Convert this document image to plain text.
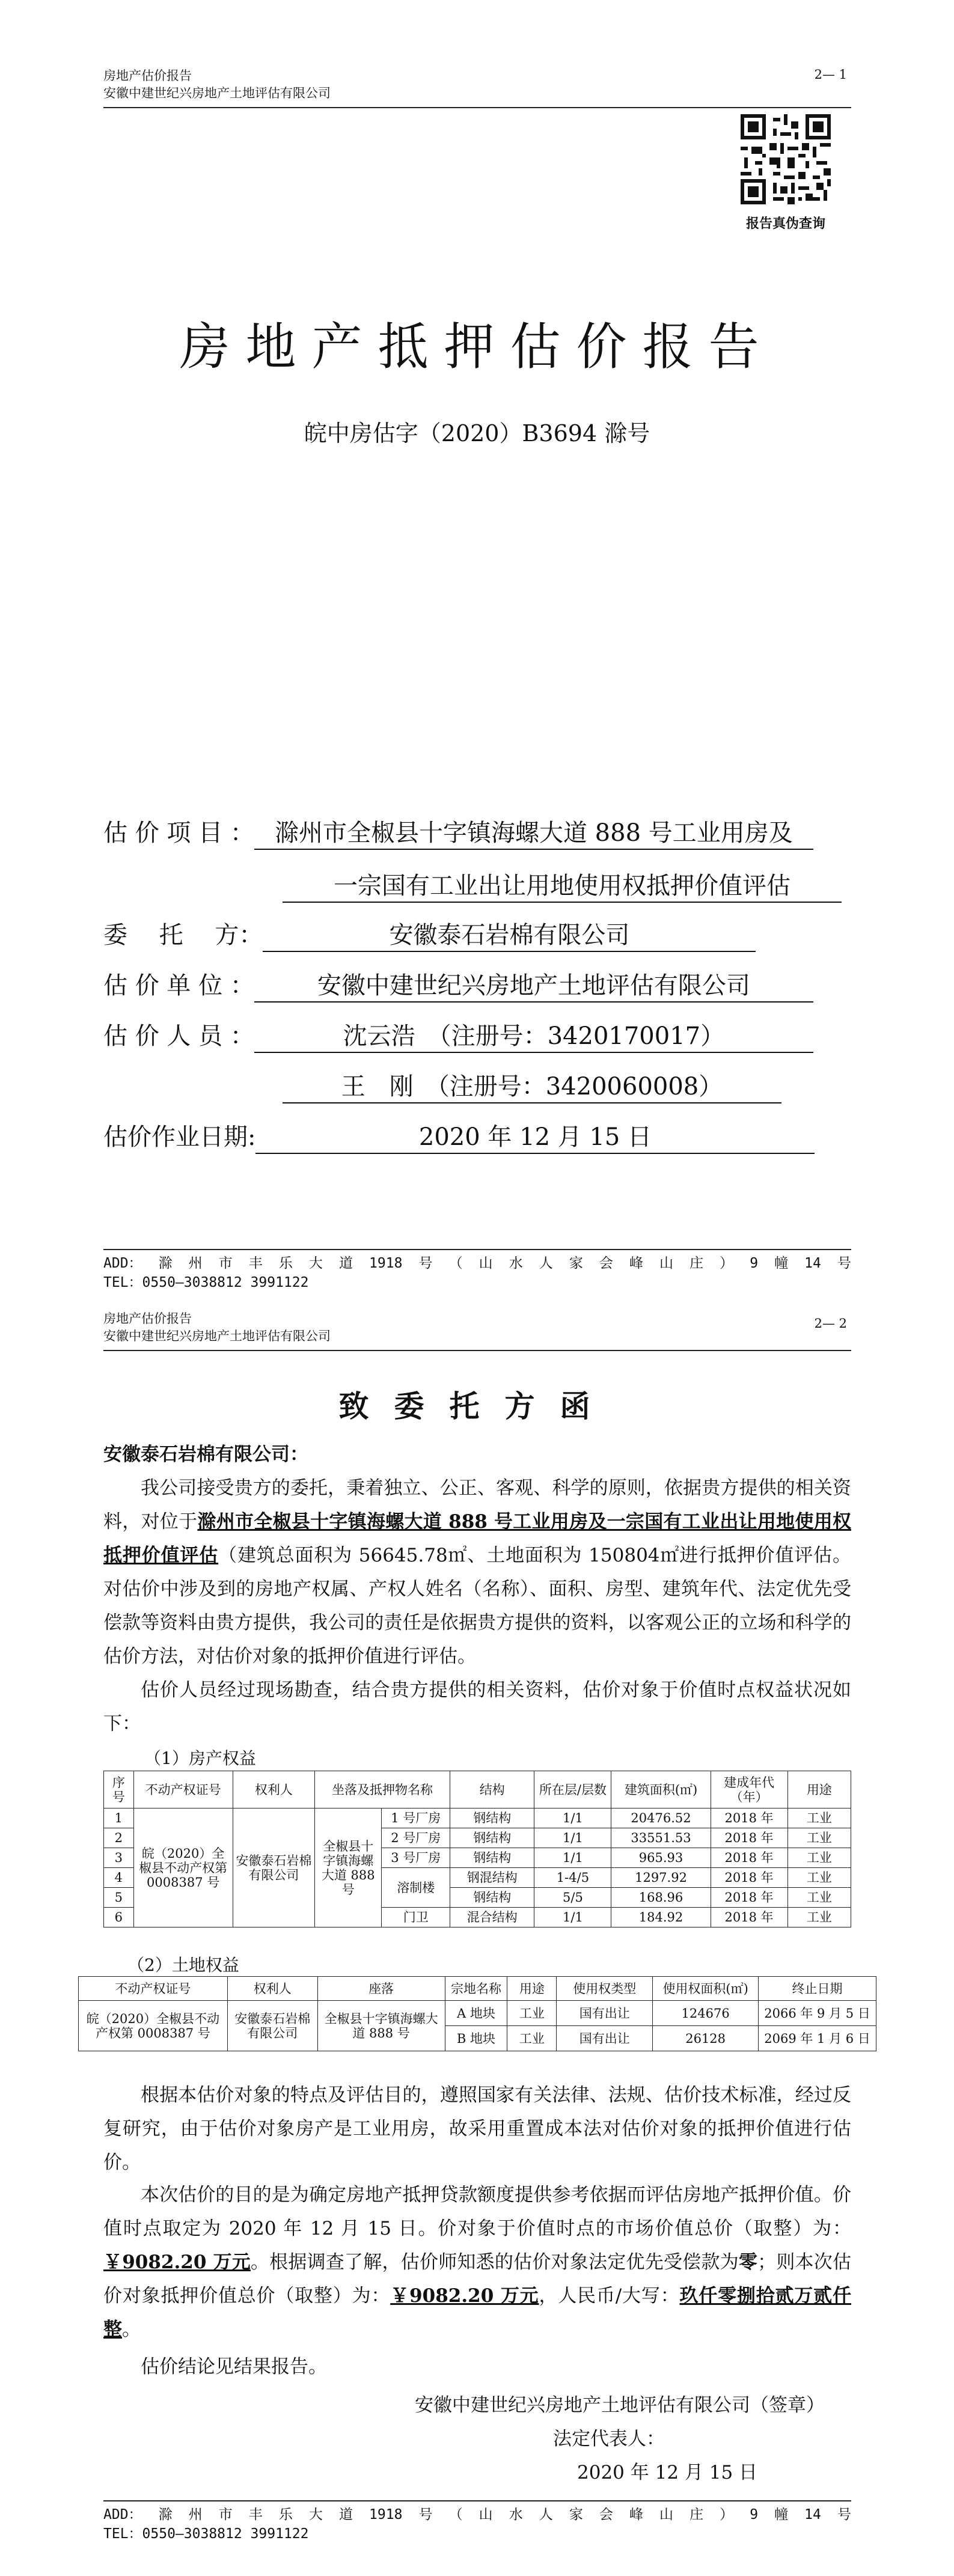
房地产估价报告
安徽中建世纪兴房地产土地评估有限公司
2— 1
报告真伪查询
房地产抵押估价报告
皖中房估字（2020）B3694 滁号
估 价 项 目 ： 滁州市全椒县十字镇海螺大道 888 号工业用房及
一宗国有工业出让用地使用权抵押价值评估
委　 托　 方：	安徽泰石岩棉有限公司
估 价 单 位 ：	安徽中建世纪兴房地产土地评估有限公司
估 价 人 员 ：	沈云浩　（注册号：3420170017）
王　刚　（注册号：3420060008）
估价作业日期:	2020 年 12 月 15 日
ADD： 滁 州 市 丰 乐 大 道 1918 号 （ 山 水 人 家 会 峰 山 庄 ） 9 幢 14 号
TEL：0550—3038812 3991122
房地产估价报告
安徽中建世纪兴房地产土地评估有限公司
2— 2
致委托方函
安徽泰石岩棉有限公司：
我公司接受贵方的委托，秉着独立、公正、客观、科学的原则，依据贵方提供的相关资料，对位于滁州市全椒县十字镇海螺大道 888 号工业用房及一宗国有工业出让用地使用权抵押价值评估（建筑总面积为 56645.78㎡、土地面积为 150804㎡进行抵押价值评估。对估价中涉及到的房地产权属、产权人姓名（名称）、面积、房型、建筑年代、法定优先受偿款等资料由贵方提供，我公司的责任是依据贵方提供的资料，以客观公正的立场和科学的估价方法，对估价对象的抵押价值进行评估。
估价人员经过现场勘查，结合贵方提供的相关资料，估价对象于价值时点权益状况如下：
（1）房产权益
序号	不动产权证号	权利人	坐落及抵押物名称		结构	所在层/层数	建筑面积(㎡)	建成年代（年）	用途
1	皖（2020）全椒县不动产权第 0008387 号	安徽泰石岩棉有限公司	全椒县十字镇海螺大道 888 号	1 号厂房	钢结构	1/1	20476.52	2018 年	工业
2				2 号厂房	钢结构	1/1	33551.53	2018 年	工业
3				3 号厂房	钢结构	1/1	965.93	2018 年	工业
4				溶制楼	钢混结构	1-4/5	1297.92	2018 年	工业
5					钢结构	5/5	168.96	2018 年	工业
6				门卫	混合结构	1/1	184.92	2018 年	工业
（2）土地权益
不动产权证号	权利人	座落	宗地名称	用途	使用权类型	使用权面积(㎡)	终止日期
皖（2020）全椒县不动产权第 0008387 号	安徽泰石岩棉有限公司	全椒县十字镇海螺大道 888 号	A 地块	工业	国有出让	124676	2066 年 9 月 5 日
			B 地块	工业	国有出让	26128	2069 年 1 月 6 日
根据本估价对象的特点及评估目的，遵照国家有关法律、法规、估价技术标准，经过反复研究，由于估价对象房产是工业用房，故采用重置成本法对估价对象的抵押价值进行估价。
本次估价的目的是为确定房地产抵押贷款额度提供参考依据而评估房地产抵押价值。价值时点取定为 2020 年 12 月 15 日。价对象于价值时点的市场价值总价（取整）为：￥9082.20 万元。根据调查了解，估价师知悉的估价对象法定优先受偿款为零；则本次估价对象抵押价值总价（取整）为：￥9082.20 万元，人民币/大写：玖仟零捌拾贰万贰仟整。
估价结论见结果报告。
安徽中建世纪兴房地产土地评估有限公司（签章）
法定代表人：
2020 年 12 月 15 日
ADD： 滁 州 市 丰 乐 大 道 1918 号 （ 山 水 人 家 会 峰 山 庄 ） 9 幢 14 号
TEL：0550—3038812 3991122
